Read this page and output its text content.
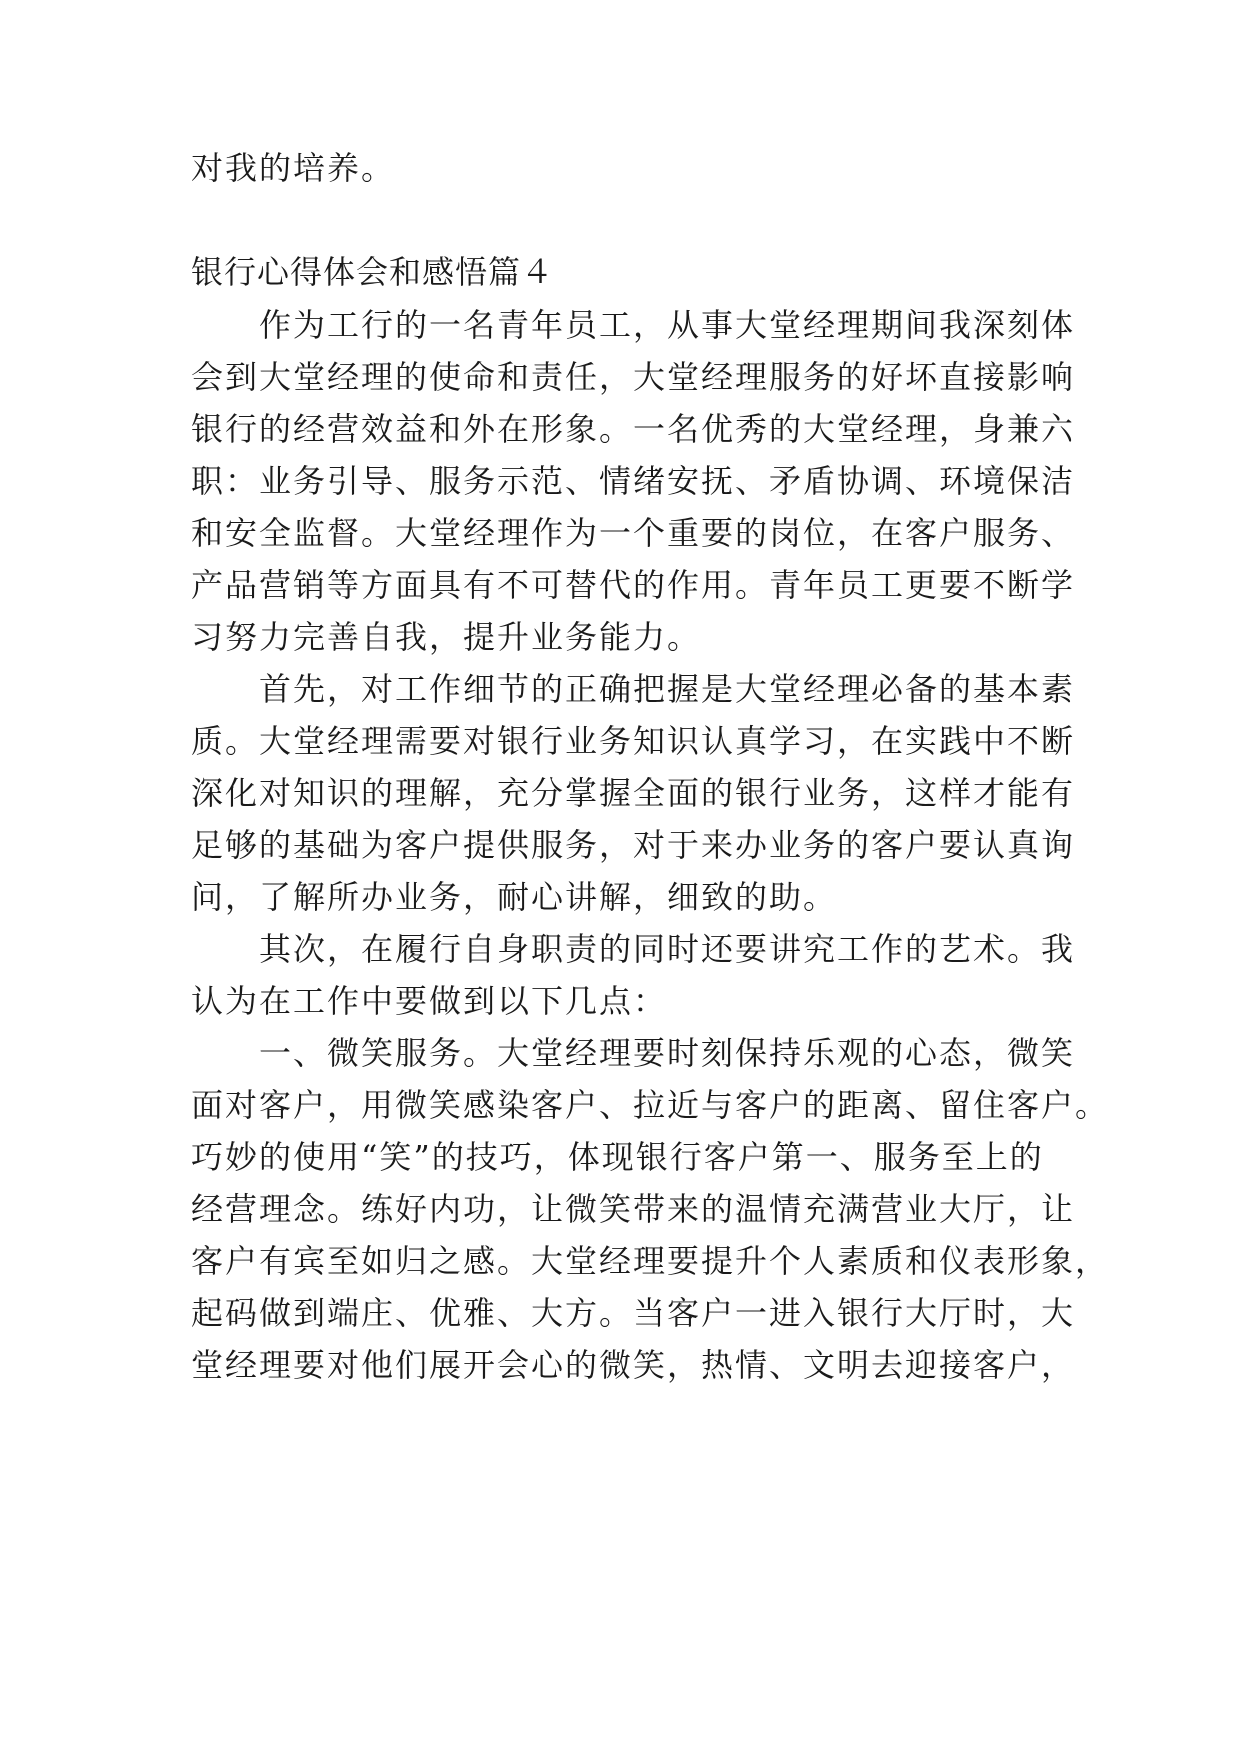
对我的培养。
银行心得体会和感悟篇４
　　作为工行的一名青年员工，从事大堂经理期间我深刻体
会到大堂经理的使命和责任，大堂经理服务的好坏直接影响
银行的经营效益和外在形象。一名优秀的大堂经理，身兼六
职：业务引导、服务示范、情绪安抚、矛盾协调、环境保洁
和安全监督。大堂经理作为一个重要的岗位，在客户服务、
产品营销等方面具有不可替代的作用。青年员工更要不断学
习努力完善自我，提升业务能力。
　　首先，对工作细节的正确把握是大堂经理必备的基本素
质。大堂经理需要对银行业务知识认真学习，在实践中不断
深化对知识的理解，充分掌握全面的银行业务，这样才能有
足够的基础为客户提供服务，对于来办业务的客户要认真询
问，了解所办业务，耐心讲解，细致的助。
　　其次，在履行自身职责的同时还要讲究工作的艺术。我
认为在工作中要做到以下几点：
　　一、微笑服务。大堂经理要时刻保持乐观的心态，微笑
面对客户，用微笑感染客户、拉近与客户的距离、留住客户。
巧妙的使用“笑”的技巧，体现银行客户第一、服务至上的
经营理念。练好内功，让微笑带来的温情充满营业大厅，让
客户有宾至如归之感。大堂经理要提升个人素质和仪表形象，
起码做到端庄、优雅、大方。当客户一进入银行大厅时，大
堂经理要对他们展开会心的微笑，热情、文明去迎接客户，
